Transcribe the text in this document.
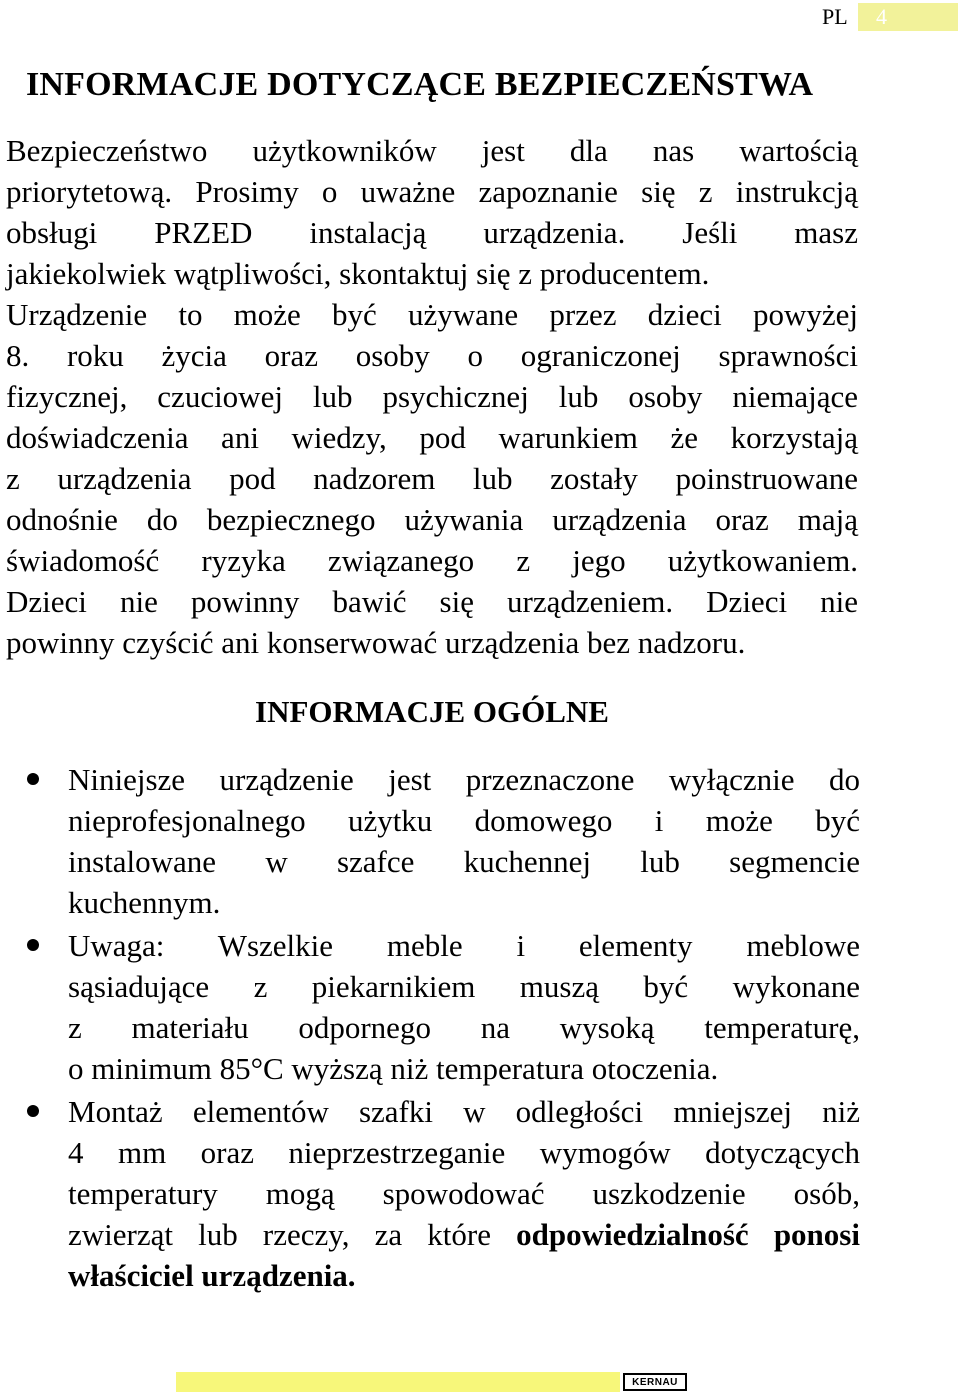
PL	4
INFORMACJE DOTYCZĄCE BEZPIECZEŃSTWA
Bezpieczeństwo użytkowników jest dla nas wartością
priorytetową. Prosimy o uważne zapoznanie się z instrukcją
obsługi PRZED instalacją urządzenia. Jeśli masz
jakiekolwiek wątpliwości, skontaktuj się z producentem.
Urządzenie to może być używane przez dzieci powyżej
8. roku życia oraz osoby o ograniczonej sprawności
fizycznej, czuciowej lub psychicznej lub osoby niemające
doświadczenia ani wiedzy, pod warunkiem że korzystają
z urządzenia pod nadzorem lub zostały poinstruowane
odnośnie do bezpiecznego używania urządzenia oraz mają
świadomość ryzyka związanego z jego użytkowaniem.
Dzieci nie powinny bawić się urządzeniem. Dzieci nie
powinny czyścić ani konserwować urządzenia bez nadzoru.
INFORMACJE OGÓLNE
Niniejsze urządzenie jest przeznaczone wyłącznie do
nieprofesjonalnego użytku domowego i może być
instalowane w szafce kuchennej lub segmencie
kuchennym.
Uwaga: Wszelkie meble i elementy meblowe
sąsiadujące z piekarnikiem muszą być wykonane
z materiału odpornego na wysoką temperaturę,
o minimum 85°C wyższą niż temperatura otoczenia.
Montaż elementów szafki w odległości mniejszej niż
4 mm oraz nieprzestrzeganie wymogów dotyczących
temperatury mogą spowodować uszkodzenie osób,
zwierząt lub rzeczy, za które odpowiedzialność ponosi
właściciel urządzenia.
KERNAU
